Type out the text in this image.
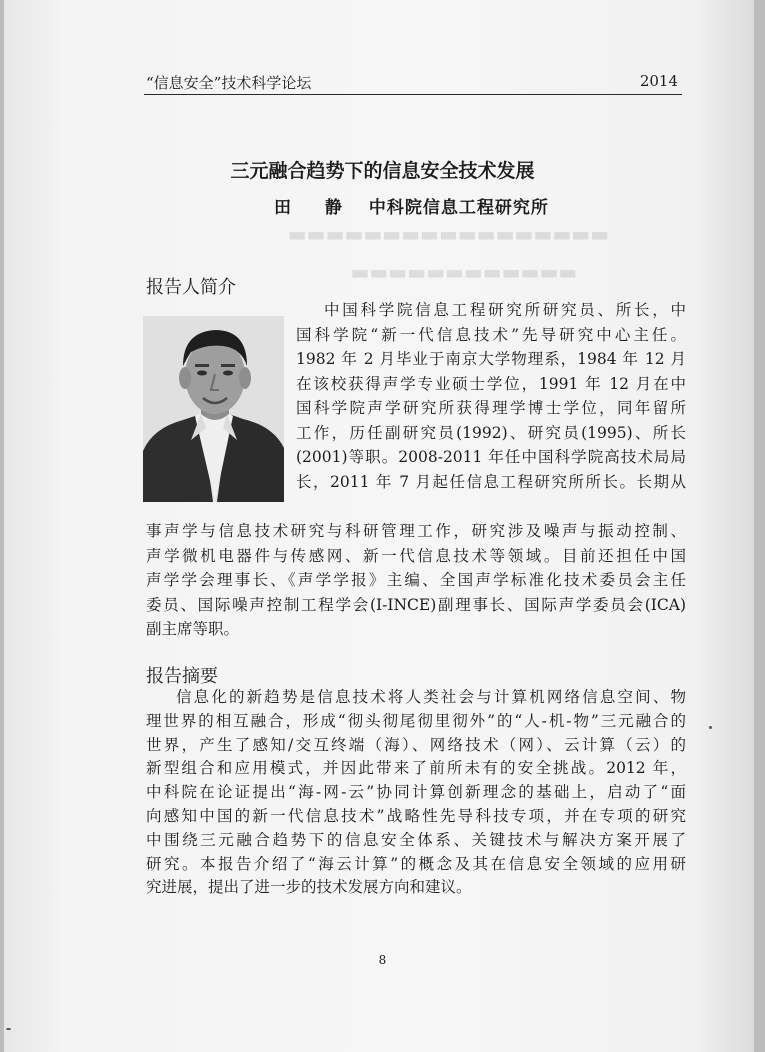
▬▬▬▬▬▬▬▬▬▬▬▬▬▬▬▬▬
▬▬▬▬▬▬▬▬▬▬▬▬
“信息安全”技术科学论坛	2014
三元融合趋势下的信息安全技术发展
田 静 中科院信息工程研究所
报告人简介

中国科学院信息工程研究所研究员、所长，中
国科学院“新一代信息技术”先导研究中心主任。
1982 年 2 月毕业于南京大学物理系，1984 年 12 月
在该校获得声学专业硕士学位，1991 年 12 月在中
国科学院声学研究所获得理学博士学位，同年留所
工作，历任副研究员(1992)、研究员(1995)、所长
(2001)等职。2008-2011 年任中国科学院高技术局局
长，2011 年 7 月起任信息工程研究所所长。长期从

事声学与信息技术研究与科研管理工作，研究涉及噪声与振动控制、
声学微机电器件与传感网、新一代信息技术等领域。目前还担任中国
声学学会理事长、《声学学报》主编、全国声学标准化技术委员会主任
委员、国际噪声控制工程学会(I-INCE)副理事长、国际声学委员会(ICA)
副主席等职。

报告摘要

信息化的新趋势是信息技术将人类社会与计算机网络信息空间、物
理世界的相互融合，形成“彻头彻尾彻里彻外”的“人-机-物”三元融合的
世界，产生了感知/交互终端（海）、网络技术（网）、云计算（云）的
新型组合和应用模式，并因此带来了前所未有的安全挑战。2012 年，
中科院在论证提出“海-网-云”协同计算创新理念的基础上，启动了“面
向感知中国的新一代信息技术”战略性先导科技专项，并在专项的研究
中围绕三元融合趋势下的信息安全体系、关键技术与解决方案开展了
研究。本报告介绍了“海云计算”的概念及其在信息安全领域的应用研
究进展，提出了进一步的技术发展方向和建议。

8
